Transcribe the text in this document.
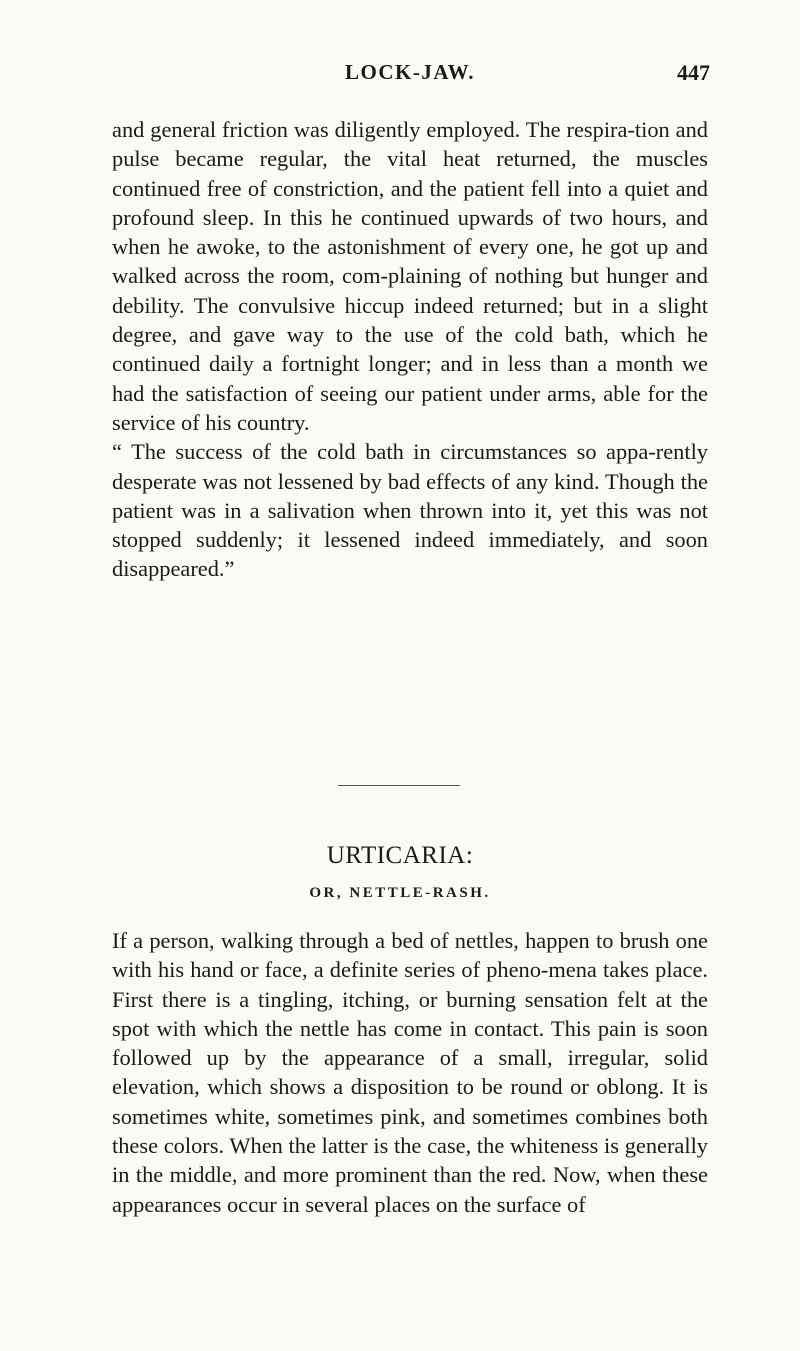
LOCK-JAW.	447

and general friction was diligently employed. The respira-tion and pulse became regular, the vital heat returned, the muscles continued free of constriction, and the patient fell into a quiet and profound sleep. In this he continued upwards of two hours, and when he awoke, to the astonishment of every one, he got up and walked across the room, com-plaining of nothing but hunger and debility. The convulsive hiccup indeed returned; but in a slight degree, and gave way to the use of the cold bath, which he continued daily a fortnight longer; and in less than a month we had the satisfaction of seeing our patient under arms, able for the service of his country.

“ The success of the cold bath in circumstances so appa-rently desperate was not lessened by bad effects of any kind. Though the patient was in a salivation when thrown into it, yet this was not stopped suddenly; it lessened indeed immediately, and soon disappeared.”

URTICARIA:
OR, NETTLE-RASH.

If a person, walking through a bed of nettles, happen to brush one with his hand or face, a definite series of pheno-mena takes place. First there is a tingling, itching, or burning sensation felt at the spot with which the nettle has come in contact. This pain is soon followed up by the appearance of a small, irregular, solid elevation, which shows a disposition to be round or oblong. It is sometimes white, sometimes pink, and sometimes combines both these colors. When the latter is the case, the whiteness is generally in the middle, and more prominent than the red. Now, when these appearances occur in several places on the surface of
